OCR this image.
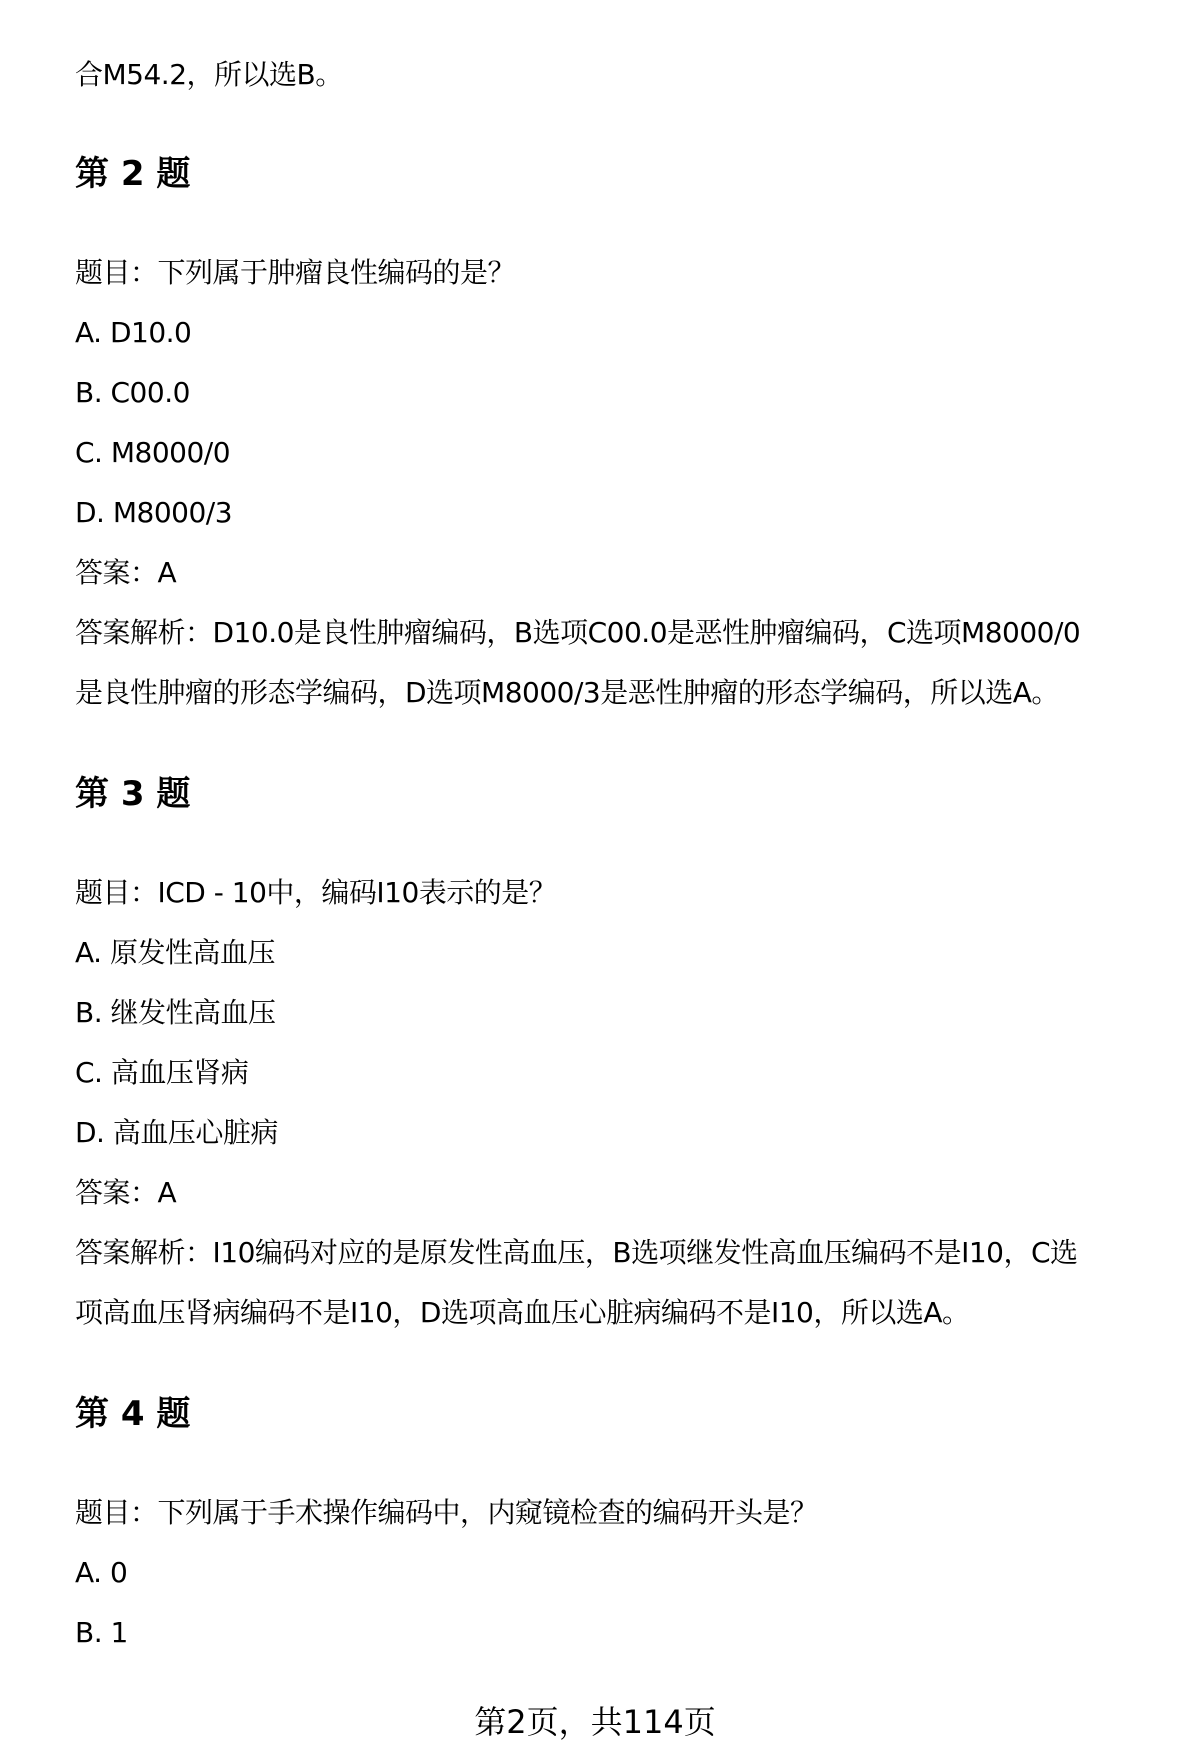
合M54.2，所以选B。
第 2 题
题目：下列属于肿瘤良性编码的是？
A. D10.0
B. C00.0
C. M8000/0
D. M8000/3
答案：A
答案解析：D10.0是良性肿瘤编码，B选项C00.0是恶性肿瘤编码，C选项M8000/0
是良性肿瘤的形态学编码，D选项M8000/3是恶性肿瘤的形态学编码，所以选A。
第 3 题
题目：ICD - 10中，编码I10表示的是？
A. 原发性高血压
B. 继发性高血压
C. 高血压肾病
D. 高血压心脏病
答案：A
答案解析：I10编码对应的是原发性高血压，B选项继发性高血压编码不是I10，C选
项高血压肾病编码不是I10，D选项高血压心脏病编码不是I10，所以选A。
第 4 题
题目：下列属于手术操作编码中，内窥镜检查的编码开头是？
A. 0
B. 1
第2页，共114页
